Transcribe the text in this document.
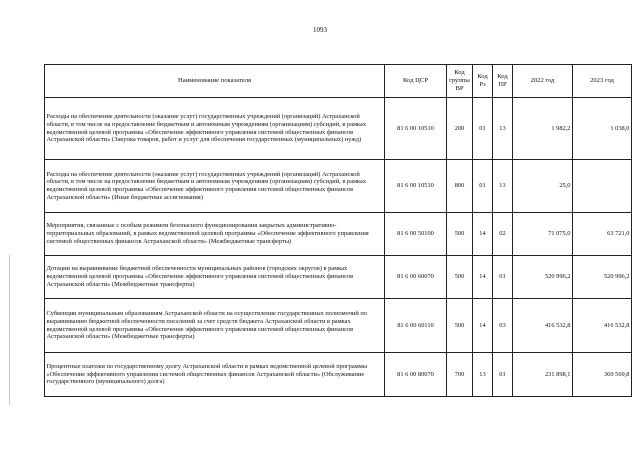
1093
Наименование показателя	Код ЦСР	Код группы ВР	Код Рз	Код ПР	2022 год	2023 год
Расходы на обеспечение деятельности (оказание услуг) государственных учреждений (организаций) Астраханской области, в том числе на предоставление бюджетным и автономным учреждениям (организациям) субсидий, в рамках ведомственной целевой программы «Обеспечение эффективного управления системой общественных финансов Астраханской области» (Закупка товаров, работ и услуг для обеспечения государственных (муниципальных) нужд)	81 6 00 10510	200	01	13	1 982,2	1 038,0
Расходы на обеспечение деятельности (оказание услуг) государственных учреждений (организаций) Астраханской области, в том числе на предоставление бюджетным и автономным учреждениям (организациям) субсидий, в рамках ведомственной целевой программы «Обеспечение эффективного управления системой общественных финансов Астраханской области» (Иные бюджетные ассигнования)	81 6 00 10510	800	01	13	25,0	
Мероприятия, связанные с особым режимом безопасного функционирования закрытых административно-территориальных образований, в рамках ведомственной целевой программы «Обеспечение эффективного управления системой общественных финансов Астраханской области» (Межбюджетные трансферты)	81 6 00 50100	500	14	02	71 075,0	63 721,0
Дотации на выравнивание бюджетной обеспеченности муниципальных районов (городских округов) в рамках ведомственной целевой программы «Обеспечение эффективного управления системой общественных финансов Астраханской области» (Межбюджетные трансферты)	81 6 00 60070	500	14	01	520 996,2	520 996,2
Субвенции муниципальным образованиям Астраханской области на осуществление государственных полномочий по выравниванию бюджетной обеспеченности поселений за счет средств бюджета Астраханской области в рамках ведомственной целевой программы «Обеспечение эффективного управления системой общественных финансов Астраханской области» (Межбюджетные трансферты)	81 6 00 60110	500	14	03	416 532,8	416 532,8
Процентные платежи по государственному долгу Астраханской области в рамках ведомственной целевой программы «Обеспечение эффективного управления системой общественных финансов Астраханской области» (Обслуживание государственного (муниципального) долга)	81 6 00 80070	700	13	01	231 898,1	369 569,8
